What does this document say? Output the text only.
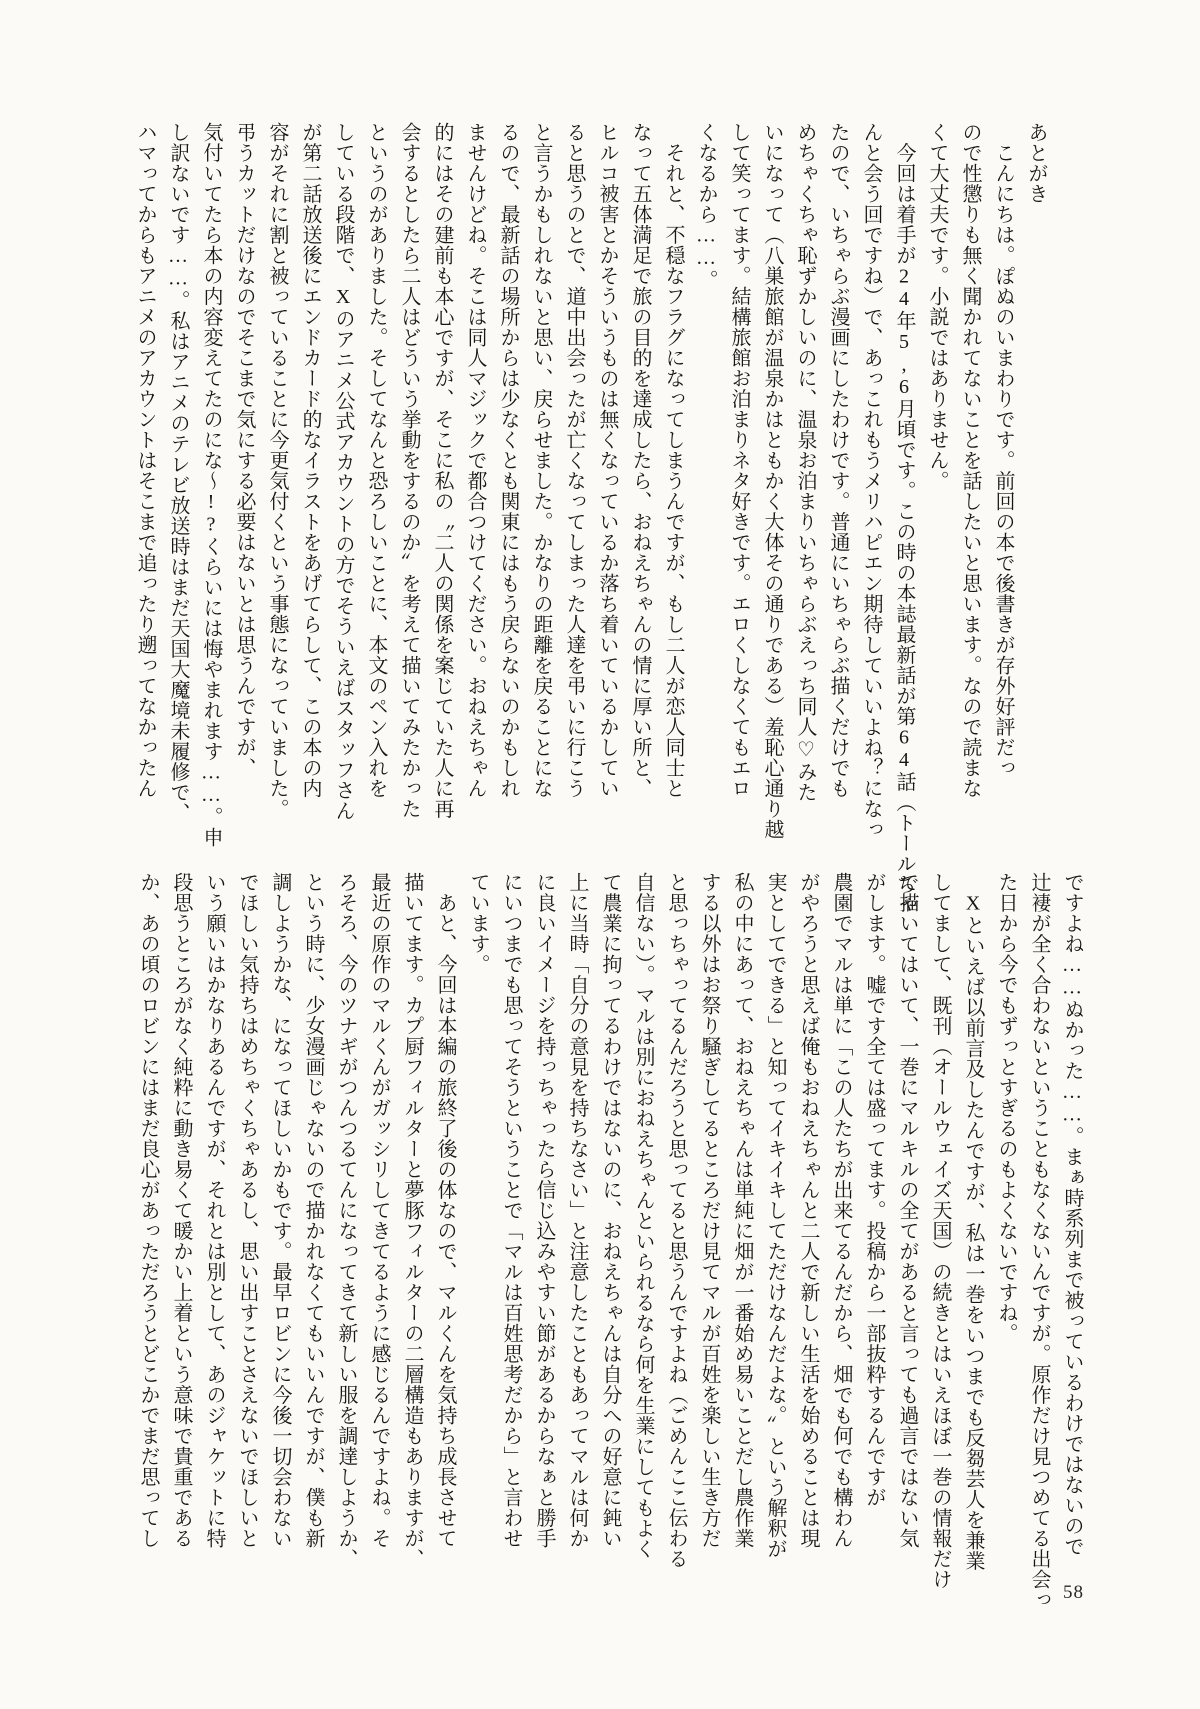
あとがき
　こんにちは。ぽぬのいまわりです。前回の本で後書きが存外好評だっ
ので性懲りも無く聞かれてないことを話したいと思います。なので読まな
くて大丈夫です。小説ではありません。
　今回は着手が24年5,6月頃です。この時の本誌最新話が第64話（トールちゃ
んと会う回ですね）で、あっこれもうメリハピエン期待していいよね？になっ
たので、いちゃらぶ漫画にしたわけです。普通にいちゃらぶ描くだけでも
めちゃくちゃ恥ずかしいのに、温泉お泊まりいちゃらぶえっち同人♡みた
いになって（八巣旅館が温泉かはともかく大体その通りである）羞恥心通り越
して笑ってます。結構旅館お泊まりネタ好きです。エロくしなくてもエロ
くなるから……。
　それと、不穏なフラグになってしまうんですが、もし二人が恋人同士と
なって五体満足で旅の目的を達成したら、おねえちゃんの情に厚い所と、
ヒルコ被害とかそういうものは無くなっているか落ち着いているかしてい
ると思うのとで、道中出会ったが亡くなってしまった人達を弔いに行こう
と言うかもしれないと思い、戻らせました。かなりの距離を戻ることにな
るので、最新話の場所からは少なくとも関東にはもう戻らないのかもしれ
ませんけどね。そこは同人マジックで都合つけてください。おねえちゃん
的にはその建前も本心ですが、そこに私の〝二人の関係を案じていた人に再
会するとしたら二人はどういう挙動をするのか〟を考えて描いてみたかった
というのがありました。そしてなんと恐ろしいことに、本文のペン入れを
している段階で、Xのアニメ公式アカウントの方でそういえばスタッフさん
が第二話放送後にエンドカード的なイラストをあげてらして、この本の内
容がそれに割と被っていることに今更気付くという事態になっていました。
弔うカットだけなのでそこまで気にする必要はないとは思うんですが、
気付いてたら本の内容変えてたのにな〜!?くらいには悔やまれます……。申
し訳ないです……。私はアニメのテレビ放送時はまだ天国大魔境未履修で、
ハマってからもアニメのアカウントはそこまで追ったり遡ってなかったん
ですよね……ぬかった……。まぁ時系列まで被っているわけではないので
辻褄が全く合わないということもなくないんですが。原作だけ見つめてる出会っ
た日から今でもずっとすぎるのもよくないですね。
　Xといえば以前言及したんですが、私は一巻をいつまでも反芻芸人を兼業
してまして、既刊（オールウェイズ天国）の続きとはいえほぼ一巻の情報だけ
で描いてはいて、一巻にマルキルの全てがあると言っても過言ではない気
がします。嘘です全ては盛ってます。投稿から一部抜粋するんですが
農園でマルは単に「この人たちが出来てるんだから、畑でも何でも構わん
がやろうと思えば俺もおねえちゃんと二人で新しい生活を始めることは現
実としてできる」と知ってイキイキしてただけなんだよな。〟という解釈が
私の中にあって、おねえちゃんは単純に畑が一番始め易いことだし農作業
する以外はお祭り騒ぎしてるところだけ見てマルが百姓を楽しい生き方だ
と思っちゃってるんだろうと思ってると思うんですよね（ごめんここ伝わる
自信ない）。マルは別におねえちゃんといられるなら何を生業にしてもよく
て農業に拘ってるわけではないのに、おねえちゃんは自分への好意に鈍い
上に当時「自分の意見を持ちなさい」と注意したこともあってマルは何か
に良いイメージを持っちゃったら信じ込みやすい節があるからなぁと勝手
にいつまでも思ってそうということで「マルは百姓思考だから」と言わせ
ています。
　あと、今回は本編の旅終了後の体なので、マルくんを気持ち成長させて
描いてます。カプ厨フィルターと夢豚フィルターの二層構造もありますが、
最近の原作のマルくんがガッシリしてきてるように感じるんですよね。そ
ろそろ、今のツナギがつんつるてんになってきて新しい服を調達しようか、
という時に、少女漫画じゃないので描かれなくてもいいんですが、僕も新
調しようかな、になってほしいかもです。最早ロビンに今後一切会わない
でほしい気持ちはめちゃくちゃあるし、思い出すことさえないでほしいと
いう願いはかなりあるんですが、それとは別として、あのジャケットに特
段思うところがなく純粋に動き易くて暖かい上着という意味で貴重である
か、あの頃のロビンにはまだ良心があっただろうとどこかでまだ思ってし
58
